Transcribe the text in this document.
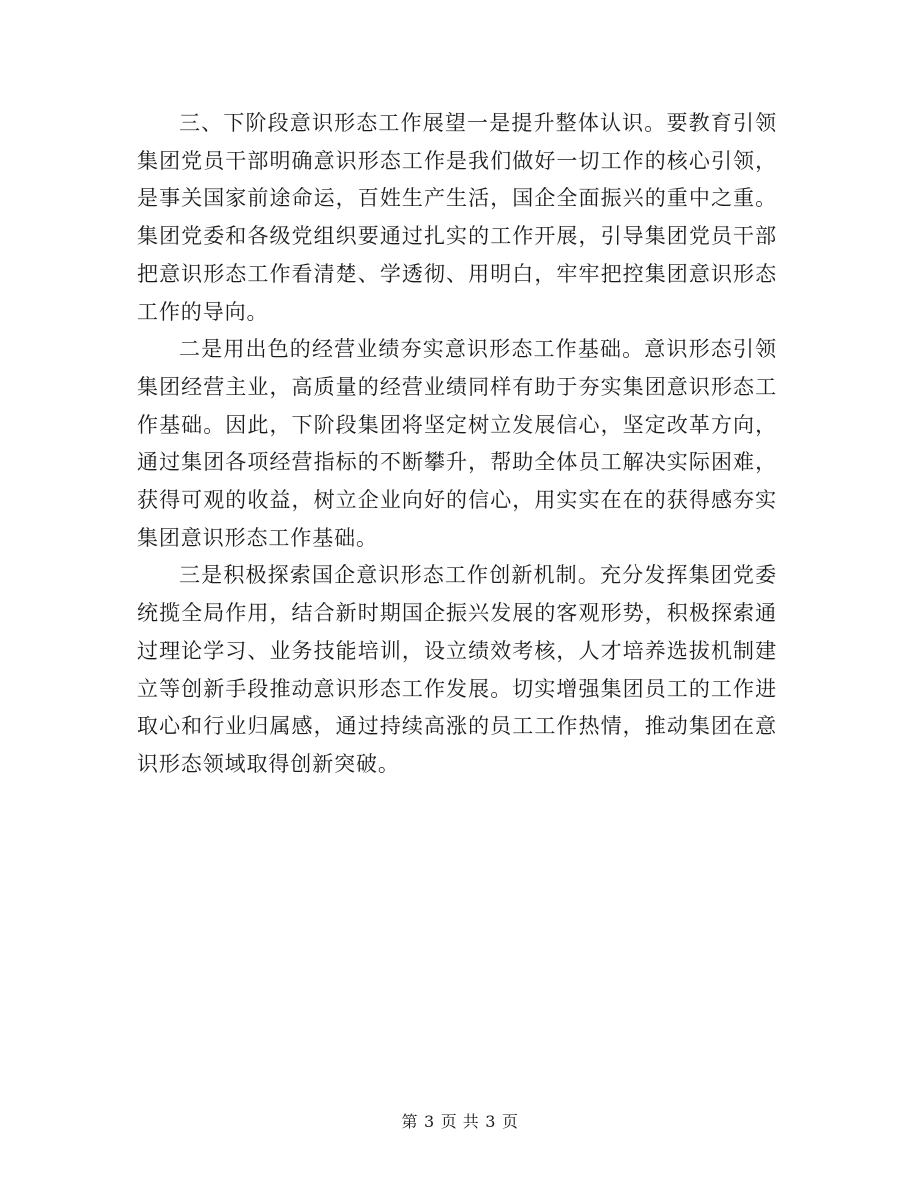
三、下阶段意识形态工作展望一是提升整体认识。要教育引领集团党员干部明确意识形态工作是我们做好一切工作的核心引领，是事关国家前途命运，百姓生产生活，国企全面振兴的重中之重。集团党委和各级党组织要通过扎实的工作开展，引导集团党员干部把意识形态工作看清楚、学透彻、用明白，牢牢把控集团意识形态工作的导向。

二是用出色的经营业绩夯实意识形态工作基础。意识形态引领集团经营主业，高质量的经营业绩同样有助于夯实集团意识形态工作基础。因此，下阶段集团将坚定树立发展信心，坚定改革方向，通过集团各项经营指标的不断攀升，帮助全体员工解决实际困难，获得可观的收益，树立企业向好的信心，用实实在在的获得感夯实集团意识形态工作基础。

三是积极探索国企意识形态工作创新机制。充分发挥集团党委统揽全局作用，结合新时期国企振兴发展的客观形势，积极探索通过理论学习、业务技能培训，设立绩效考核，人才培养选拔机制建立等创新手段推动意识形态工作发展。切实增强集团员工的工作进取心和行业归属感，通过持续高涨的员工工作热情，推动集团在意识形态领域取得创新突破。

第 3 页 共 3 页
